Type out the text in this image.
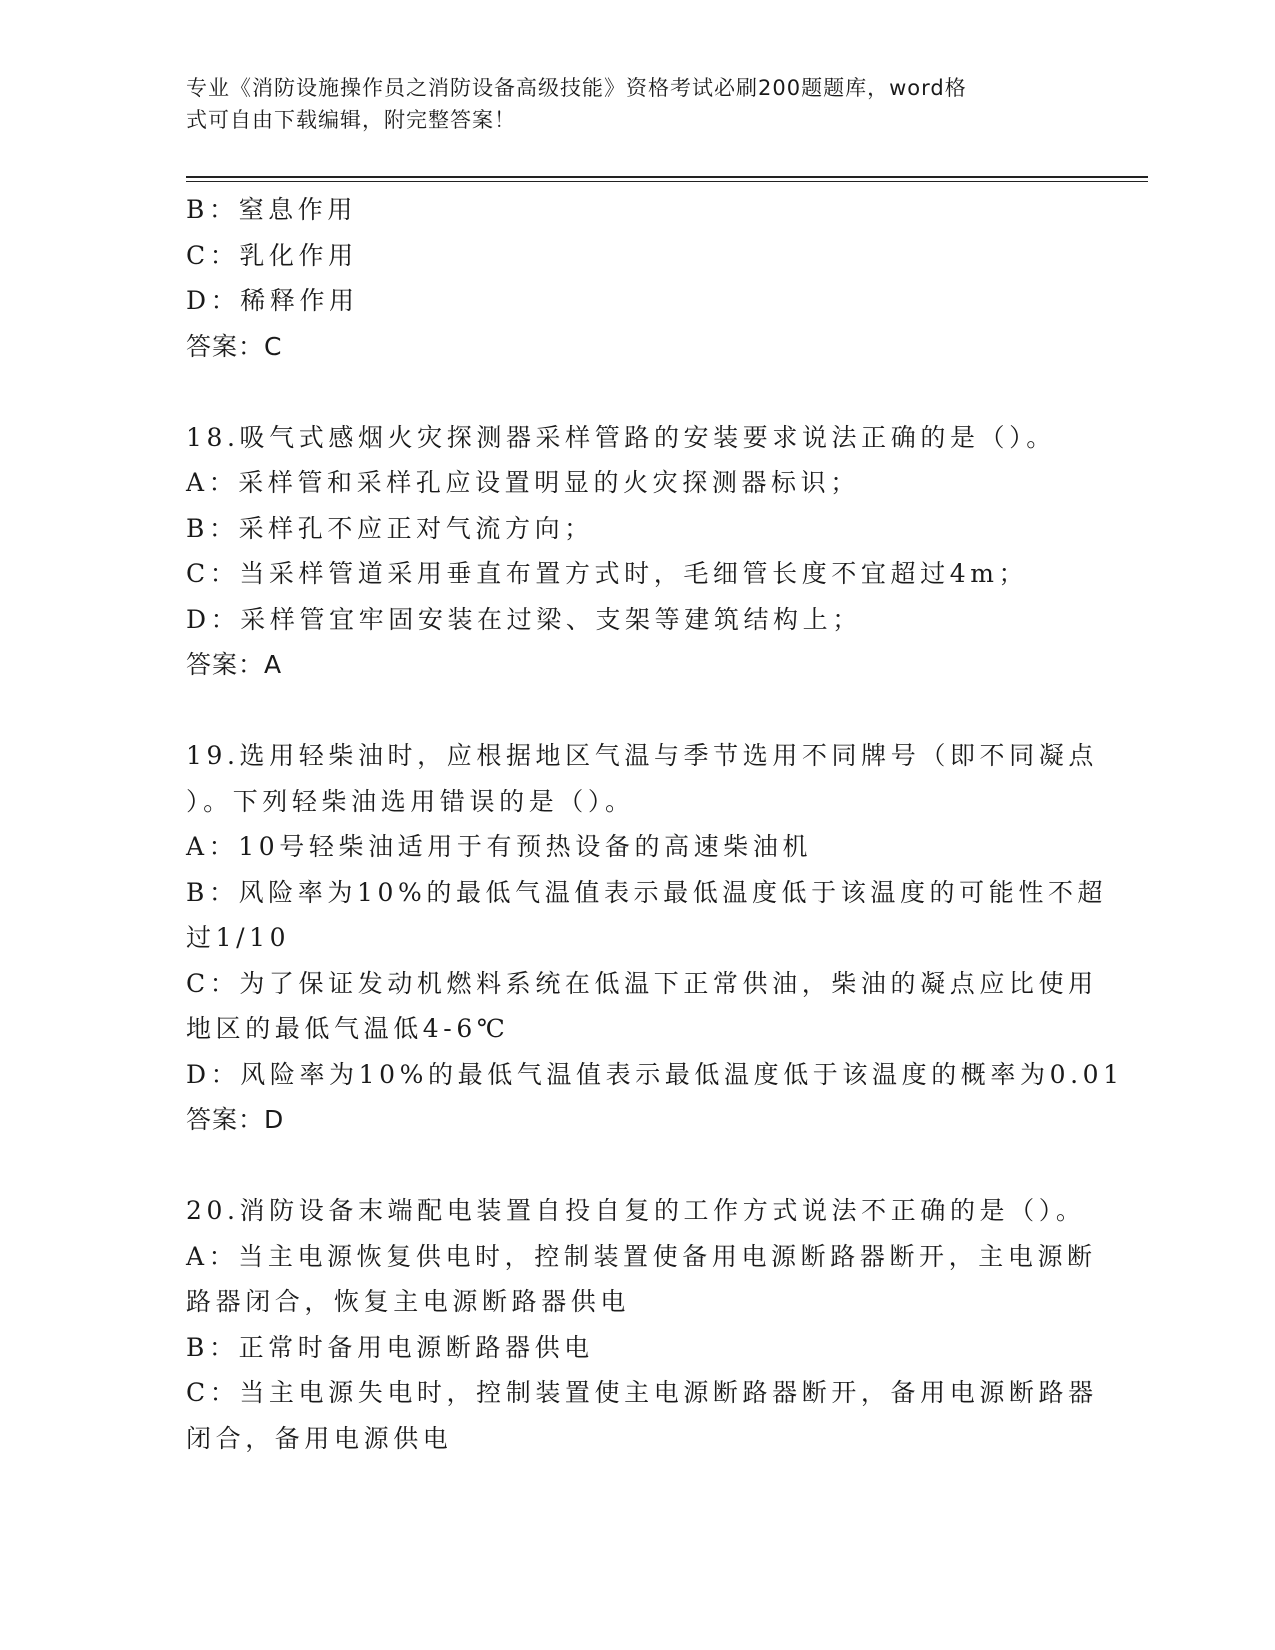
专业《消防设施操作员之消防设备高级技能》资格考试必刷200题题库，word格
式可自由下载编辑，附完整答案！
B：窒息作用
C：乳化作用
D：稀释作用
答案：C
18.吸气式感烟火灾探测器采样管路的安装要求说法正确的是（）。
A：采样管和采样孔应设置明显的火灾探测器标识；
B：采样孔不应正对气流方向；
C：当采样管道采用垂直布置方式时，毛细管长度不宜超过4m；
D：采样管宜牢固安装在过梁、支架等建筑结构上；
答案：A
19.选用轻柴油时，应根据地区气温与季节选用不同牌号（即不同凝点
）。下列轻柴油选用错误的是（）。
A：10号轻柴油适用于有预热设备的高速柴油机
B：风险率为10%的最低气温值表示最低温度低于该温度的可能性不超
过1/10
C：为了保证发动机燃料系统在低温下正常供油，柴油的凝点应比使用
地区的最低气温低4-6℃
D：风险率为10%的最低气温值表示最低温度低于该温度的概率为0.01
答案：D
20.消防设备末端配电装置自投自复的工作方式说法不正确的是（）。
A：当主电源恢复供电时，控制装置使备用电源断路器断开，主电源断
路器闭合，恢复主电源断路器供电
B：正常时备用电源断路器供电
C：当主电源失电时，控制装置使主电源断路器断开，备用电源断路器
闭合，备用电源供电
